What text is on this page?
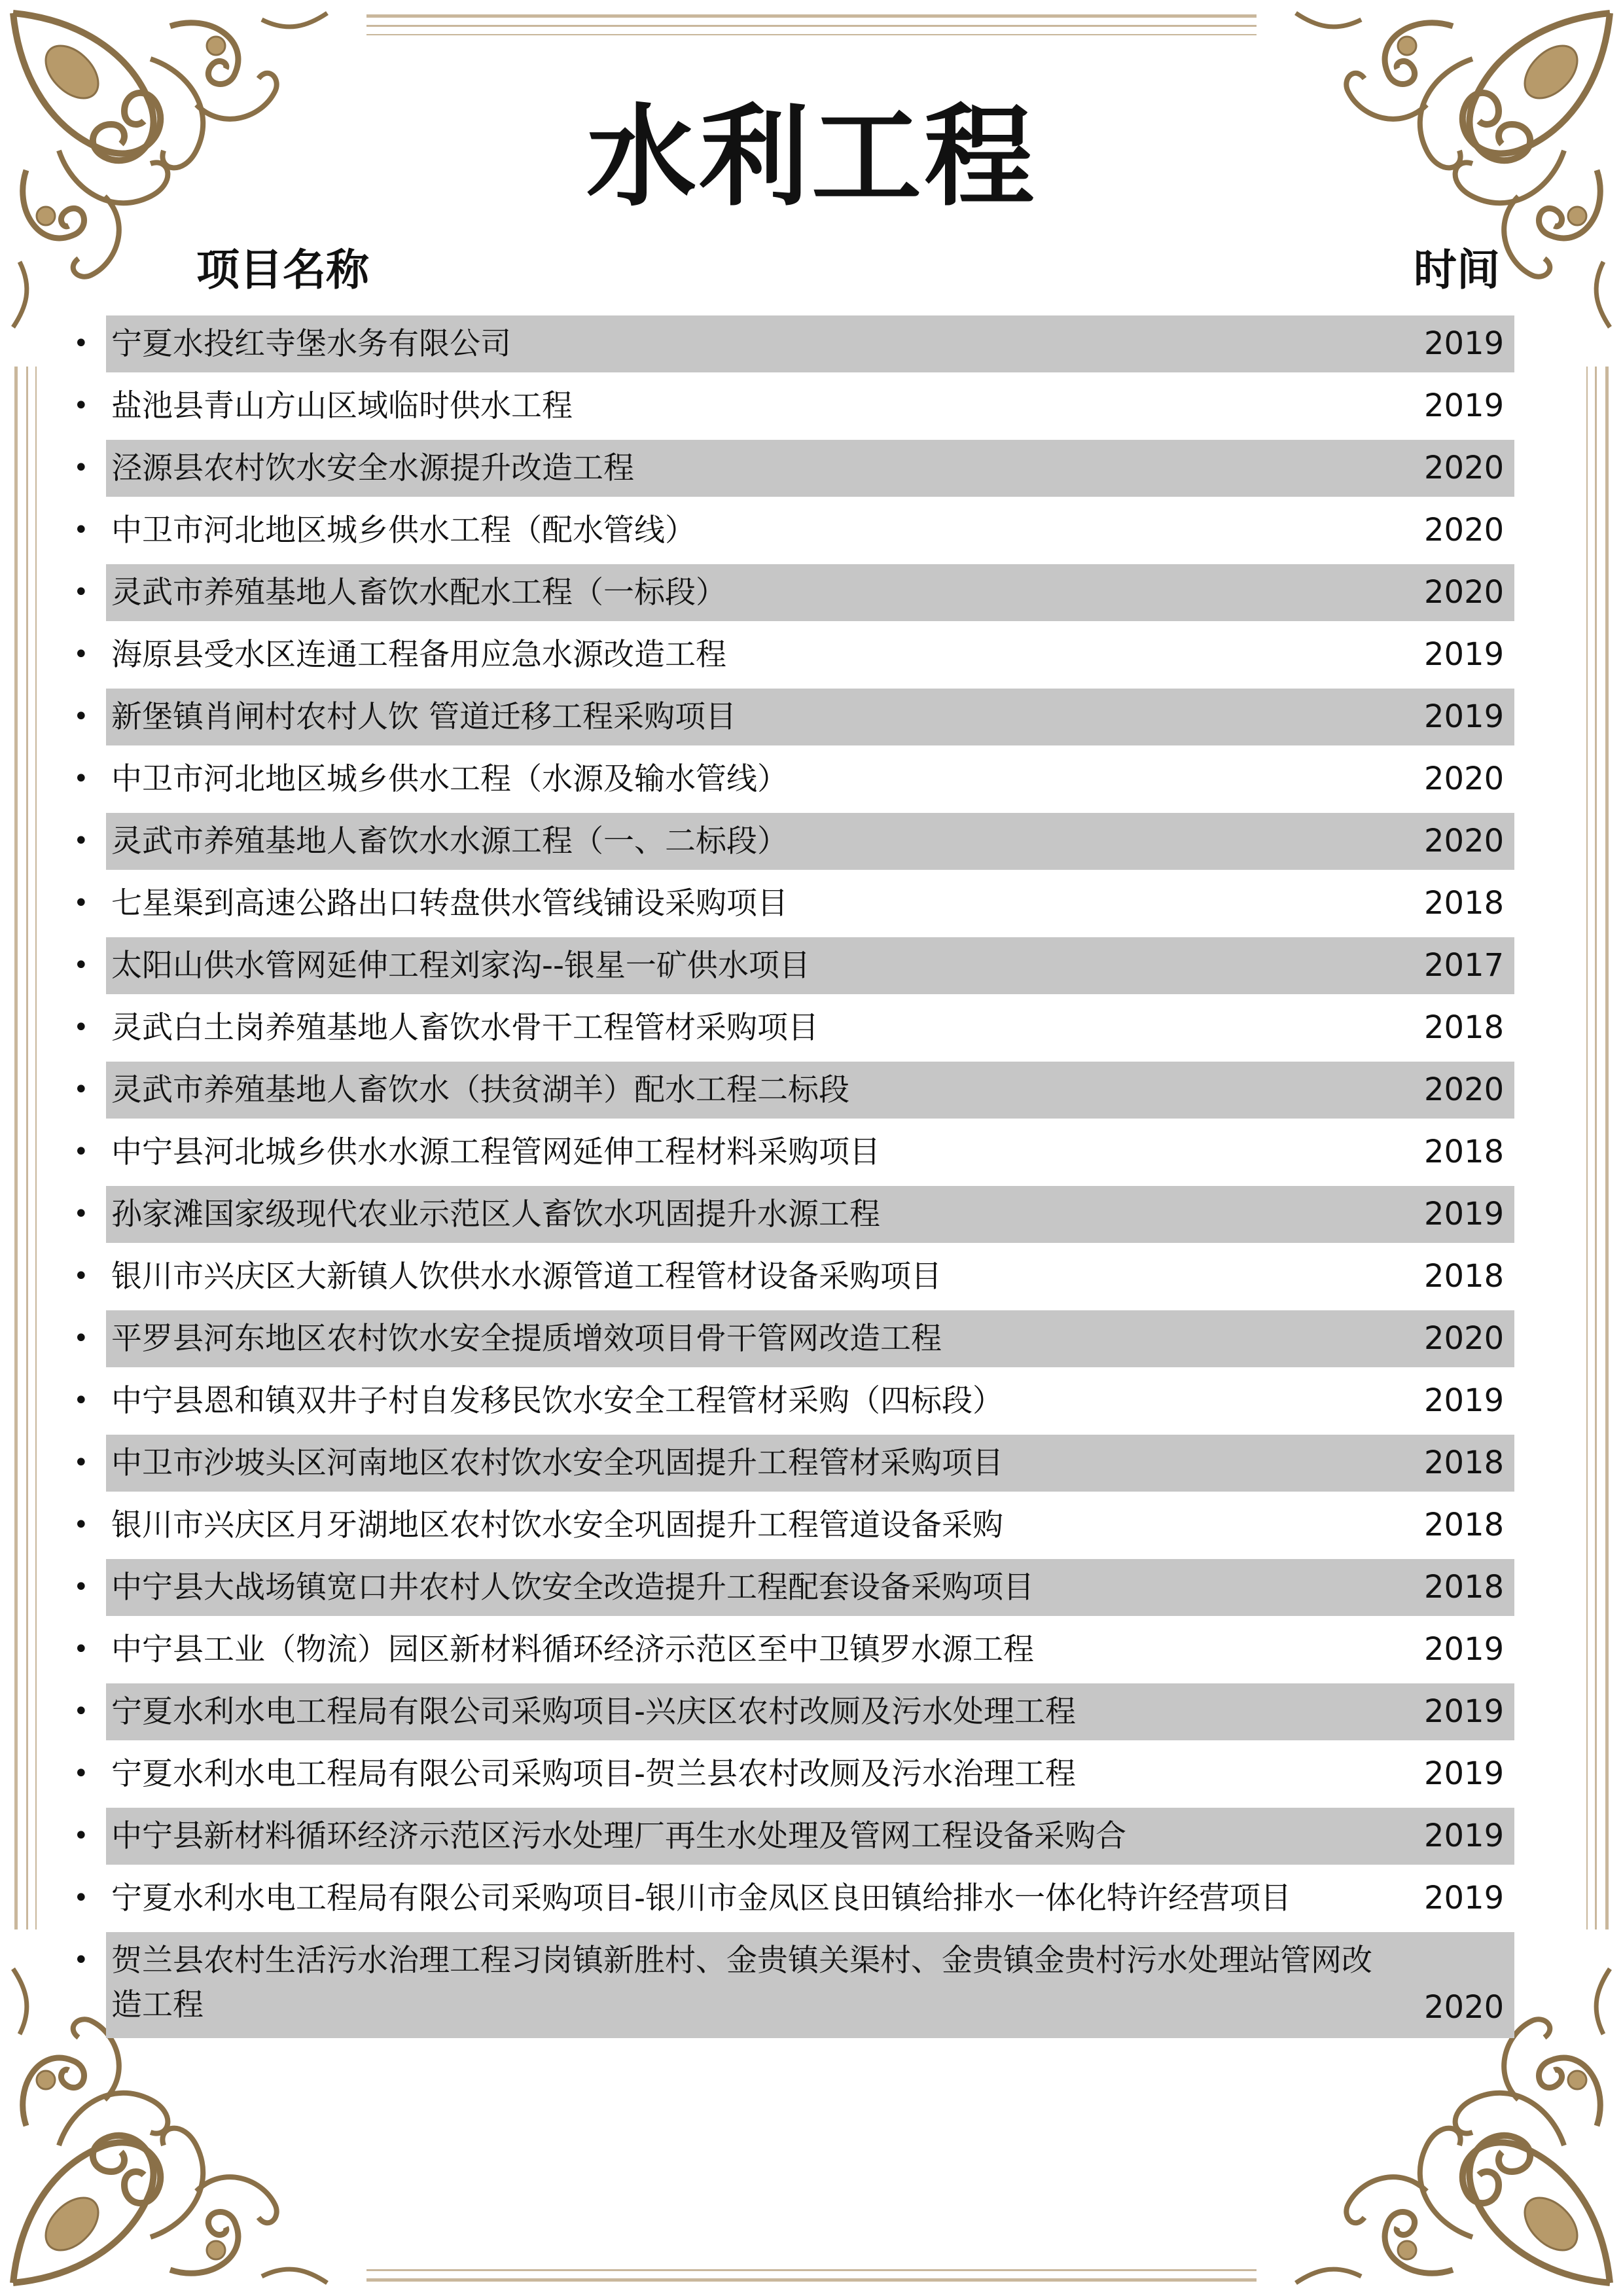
水利工程
项目名称	时间
• 宁夏水投红寺堡水务有限公司	2019
• 盐池县青山方山区域临时供水工程	2019
• 泾源县农村饮水安全水源提升改造工程	2020
• 中卫市河北地区城乡供水工程（配水管线）	2020
• 灵武市养殖基地人畜饮水配水工程（一标段）	2020
• 海原县受水区连通工程备用应急水源改造工程	2019
• 新堡镇肖闸村农村人饮 管道迁移工程采购项目	2019
• 中卫市河北地区城乡供水工程（水源及输水管线）	2020
• 灵武市养殖基地人畜饮水水源工程（一、二标段）	2020
• 七星渠到高速公路出口转盘供水管线铺设采购项目	2018
• 太阳山供水管网延伸工程刘家沟--银星一矿供水项目	2017
• 灵武白土岗养殖基地人畜饮水骨干工程管材采购项目	2018
• 灵武市养殖基地人畜饮水（扶贫湖羊）配水工程二标段	2020
• 中宁县河北城乡供水水源工程管网延伸工程材料采购项目	2018
• 孙家滩国家级现代农业示范区人畜饮水巩固提升水源工程	2019
• 银川市兴庆区大新镇人饮供水水源管道工程管材设备采购项目	2018
• 平罗县河东地区农村饮水安全提质增效项目骨干管网改造工程	2020
• 中宁县恩和镇双井子村自发移民饮水安全工程管材采购（四标段）	2019
• 中卫市沙坡头区河南地区农村饮水安全巩固提升工程管材采购项目	2018
• 银川市兴庆区月牙湖地区农村饮水安全巩固提升工程管道设备采购	2018
• 中宁县大战场镇宽口井农村人饮安全改造提升工程配套设备采购项目	2018
• 中宁县工业（物流）园区新材料循环经济示范区至中卫镇罗水源工程	2019
• 宁夏水利水电工程局有限公司采购项目-兴庆区农村改厕及污水处理工程	2019
• 宁夏水利水电工程局有限公司采购项目-贺兰县农村改厕及污水治理工程	2019
• 中宁县新材料循环经济示范区污水处理厂再生水处理及管网工程设备采购合	2019
• 宁夏水利水电工程局有限公司采购项目-银川市金凤区良田镇给排水一体化特许经营项目	2019
• 贺兰县农村生活污水治理工程习岗镇新胜村、金贵镇关渠村、金贵镇金贵村污水处理站管网改造工程	2020
